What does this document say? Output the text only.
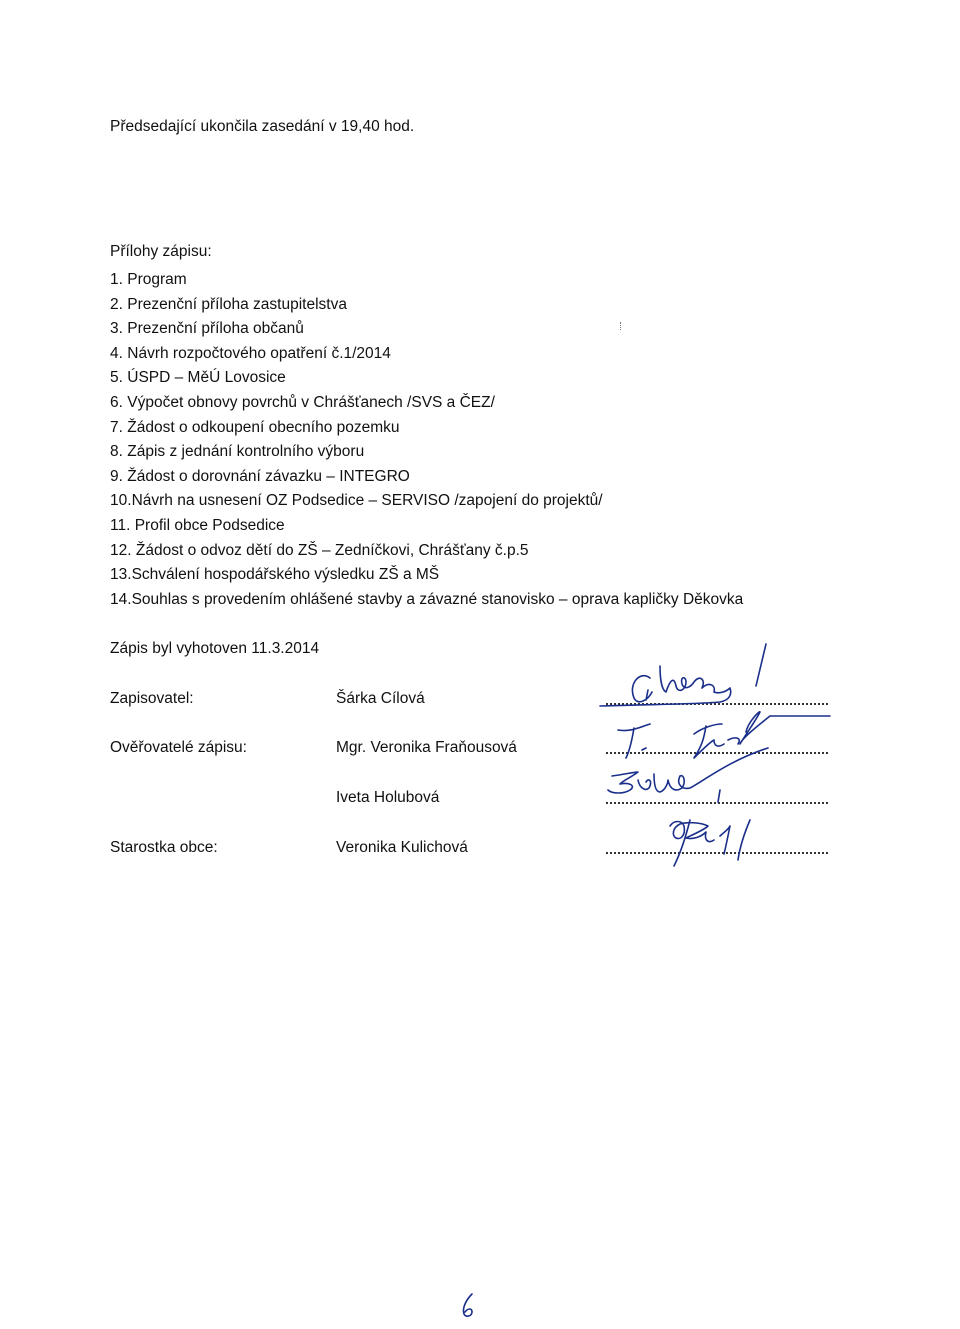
Předsedající ukončila zasedání v 19,40 hod.
Přílohy zápisu:
1. Program
2. Prezenční příloha zastupitelstva
3. Prezenční příloha občanů
4. Návrh rozpočtového opatření č.1/2014
5. ÚSPD – MěÚ Lovosice
6. Výpočet obnovy povrchů v Chrášťanech /SVS a ČEZ/
7. Žádost o odkoupení obecního pozemku
8. Zápis z jednání kontrolního výboru
9. Žádost o dorovnání závazku – INTEGRO
10.Návrh na usnesení OZ Podsedice – SERVISO /zapojení do projektů/
11. Profil obce Podsedice
12. Žádost o odvoz dětí do ZŠ – Zedníčkovi, Chrášťany č.p.5
13.Schválení hospodářského výsledku ZŠ a MŠ
14.Souhlas s provedením ohlášené stavby a závazné stanovisko – oprava kapličky Děkovka
Zápis byl vyhotoven 11.3.2014
Zapisovatel:	Šárka Cílová
Ověřovatelé zápisu:	Mgr. Veronika Fraňousová
Iveta Holubová
Starostka obce:	Veronika Kulichová
